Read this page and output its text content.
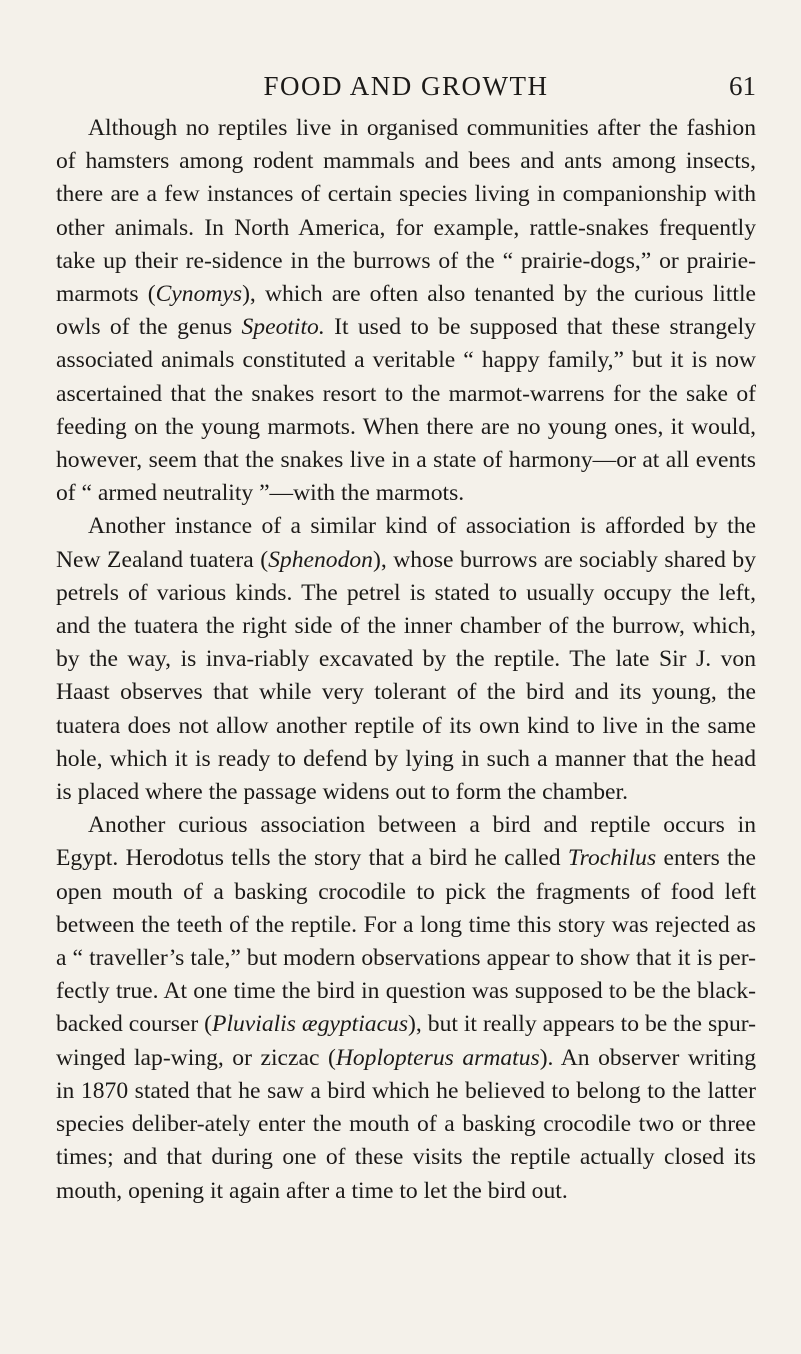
FOOD AND GROWTH	61

Although no reptiles live in organised communities after the fashion of hamsters among rodent mammals and bees and ants among insects, there are a few instances of certain species living in companionship with other animals. In North America, for example, rattle-snakes frequently take up their re-sidence in the burrows of the “ prairie-dogs,” or prairie-marmots (Cynomys), which are often also tenanted by the curious little owls of the genus Speotito. It used to be supposed that these strangely associated animals constituted a veritable “ happy family,” but it is now ascertained that the snakes resort to the marmot-warrens for the sake of feeding on the young marmots. When there are no young ones, it would, however, seem that the snakes live in a state of harmony—or at all events of “ armed neutrality ”—with the marmots.

Another instance of a similar kind of association is afforded by the New Zealand tuatera (Sphenodon), whose burrows are sociably shared by petrels of various kinds. The petrel is stated to usually occupy the left, and the tuatera the right side of the inner chamber of the burrow, which, by the way, is inva-riably excavated by the reptile. The late Sir J. von Haast observes that while very tolerant of the bird and its young, the tuatera does not allow another reptile of its own kind to live in the same hole, which it is ready to defend by lying in such a manner that the head is placed where the passage widens out to form the chamber.

Another curious association between a bird and reptile occurs in Egypt. Herodotus tells the story that a bird he called Trochilus enters the open mouth of a basking crocodile to pick the fragments of food left between the teeth of the reptile. For a long time this story was rejected as a “ traveller’s tale,” but modern observations appear to show that it is per-fectly true. At one time the bird in question was supposed to be the black-backed courser (Pluvialis ægyptiacus), but it really appears to be the spur-winged lap-wing, or ziczac (Hoplopterus armatus). An observer writing in 1870 stated that he saw a bird which he believed to belong to the latter species deliber-ately enter the mouth of a basking crocodile two or three times; and that during one of these visits the reptile actually closed its mouth, opening it again after a time to let the bird out.
